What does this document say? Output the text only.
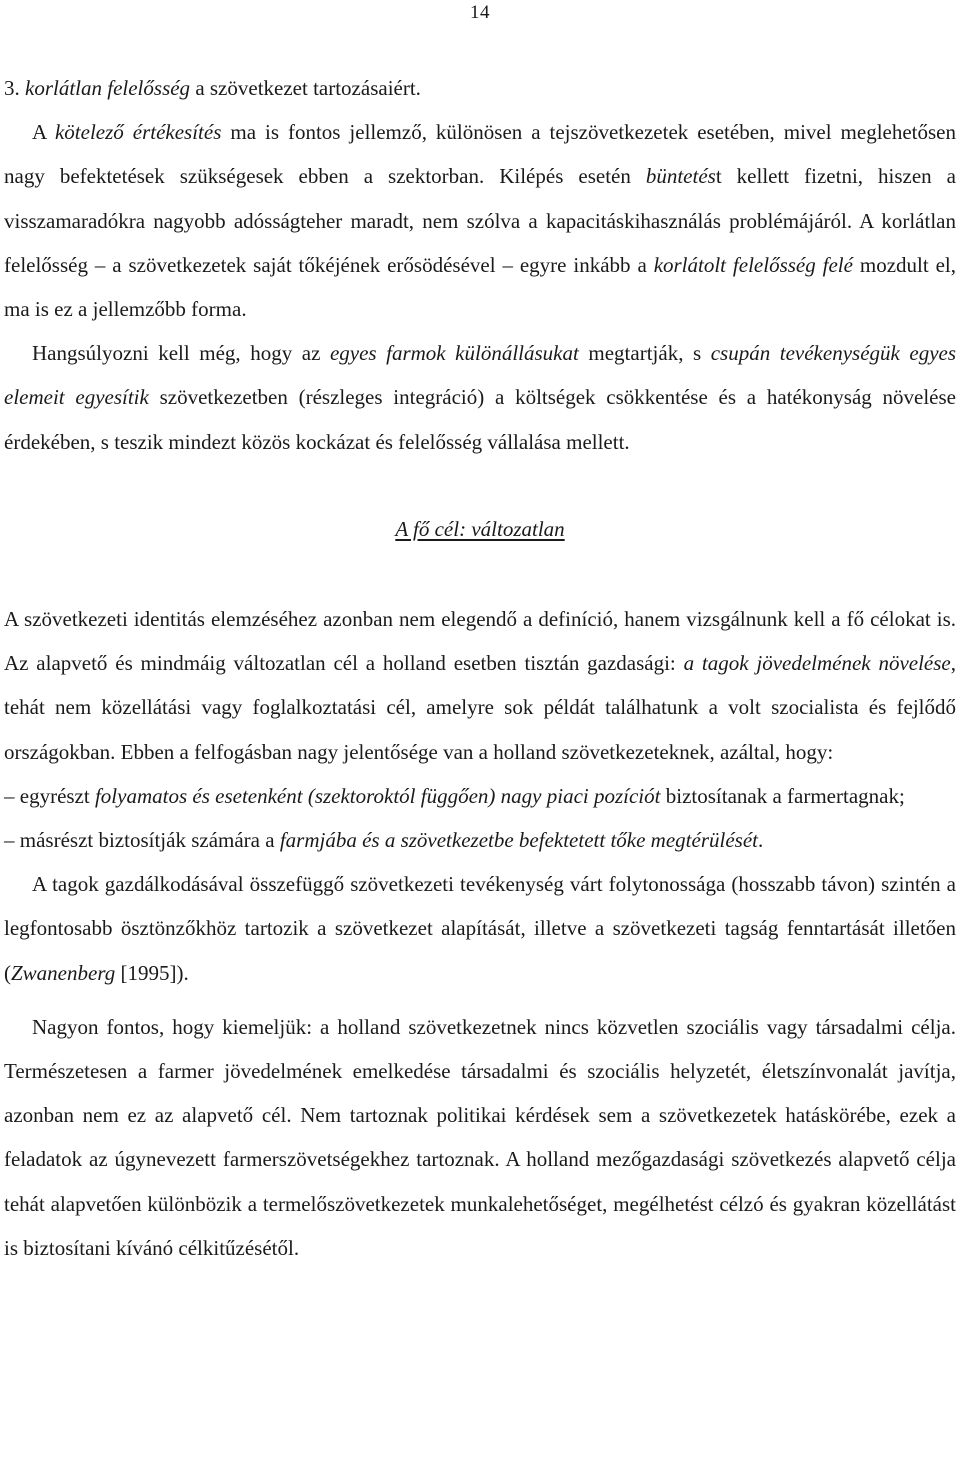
14

3. korlátlan felelősség a szövetkezet tartozásaiért.

A kötelező értékesítés ma is fontos jellemző, különösen a tejszövetkezetek esetében, mivel meglehetősen nagy befektetések szükségesek ebben a szektorban. Kilépés esetén büntetést kellett fizetni, hiszen a visszamaradókra nagyobb adósságteher maradt, nem szólva a kapacitáskihasználás problémájáról. A korlátlan felelősség – a szövetkezetek saját tőkéjének erősödésével – egyre inkább a korlátolt felelősség felé mozdult el, ma is ez a jellemzőbb forma.

Hangsúlyozni kell még, hogy az egyes farmok különállásukat megtartják, s csupán tevékenységük egyes elemeit egyesítik szövetkezetben (részleges integráció) a költségek csökkentése és a hatékonyság növelése érdekében, s teszik mindezt közös kockázat és felelősség vállalása mellett.

A fő cél: változatlan

A szövetkezeti identitás elemzéséhez azonban nem elegendő a definíció, hanem vizsgálnunk kell a fő célokat is. Az alapvető és mindmáig változatlan cél a holland esetben tisztán gazdasági: a tagok jövedelmének növelése, tehát nem közellátási vagy foglalkoztatási cél, amelyre sok példát találhatunk a volt szocialista és fejlődő országokban. Ebben a felfogásban nagy jelentősége van a holland szövetkezeteknek, azáltal, hogy:

– egyrészt folyamatos és esetenként (szektoroktól függően) nagy piaci pozíciót biztosítanak a farmertagnak;

– másrészt biztosítják számára a farmjába és a szövetkezetbe befektetett tőke megtérülését.

A tagok gazdálkodásával összefüggő szövetkezeti tevékenység várt folytonossága (hosszabb távon) szintén a legfontosabb ösztönzőkhöz tartozik a szövetkezet alapítását, illetve a szövetkezeti tagság fenntartását illetően (Zwanenberg [1995]).

Nagyon fontos, hogy kiemeljük: a holland szövetkezetnek nincs közvetlen szociális vagy társadalmi célja. Természetesen a farmer jövedelmének emelkedése társadalmi és szociális helyzetét, életszínvonalát javítja, azonban nem ez az alapvető cél. Nem tartoznak politikai kérdések sem a szövetkezetek hatáskörébe, ezek a feladatok az úgynevezett farmerszövetségekhez tartoznak. A holland mezőgazdasági szövetkezés alapvető célja tehát alapvetően különbözik a termelőszövetkezetek munkalehetőséget, megélhetést célzó és gyakran közellátást is biztosítani kívánó célkitűzésétől.
